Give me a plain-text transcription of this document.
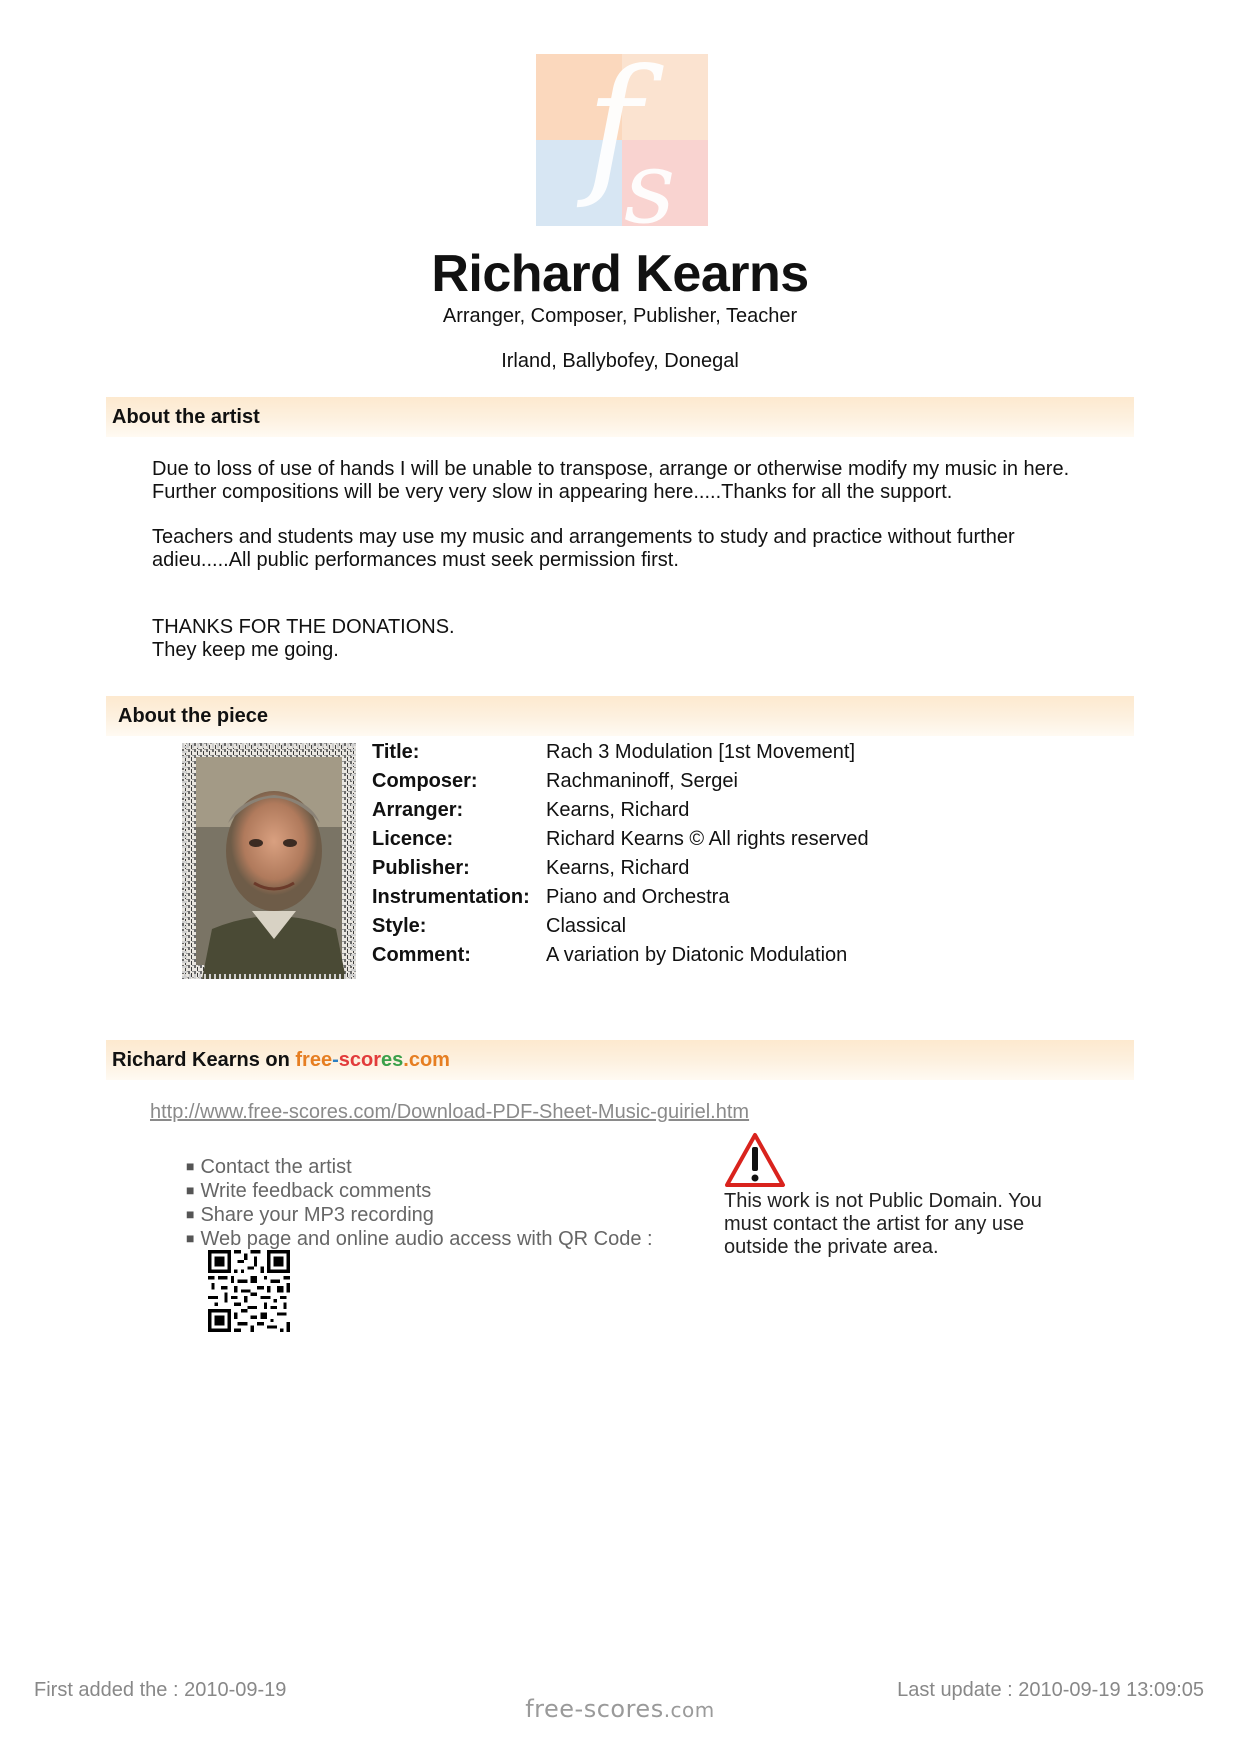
f
s
Richard Kearns
Arranger, Composer, Publisher, Teacher
Irland, Ballybofey, Donegal
About the artist

Due to loss of use of hands I will be unable to transpose, arrange or otherwise modify my music in here. Further compositions will be very very slow in appearing here.....Thanks for all the support.

Teachers and students may use my music and arrangements to study and practice without further adieu.....All public performances must seek permission first.

THANKS FOR THE DONATIONS.

They keep me going.

About the piece
Title:	Rach 3 Modulation [1st Movement]
Composer:	Rachmaninoff, Sergei
Arranger:	Kearns, Richard
Licence:	Richard Kearns © All rights reserved
Publisher:	Kearns, Richard
Instrumentation:	Piano and Orchestra
Style:	Classical
Comment:	A variation by Diatonic Modulation
Richard Kearns on free-scores.com
http://www.free-scores.com/Download-PDF-Sheet-Music-guiriel.htm
■ Contact the artist
■ Write feedback comments
■ Share your MP3 recording
■ Web page and online audio access with QR Code :
This work is not Public Domain. You must contact the artist for any use outside the private area.
First added the : 2010-09-19
free-scores.com
Last update : 2010-09-19 13:09:05
